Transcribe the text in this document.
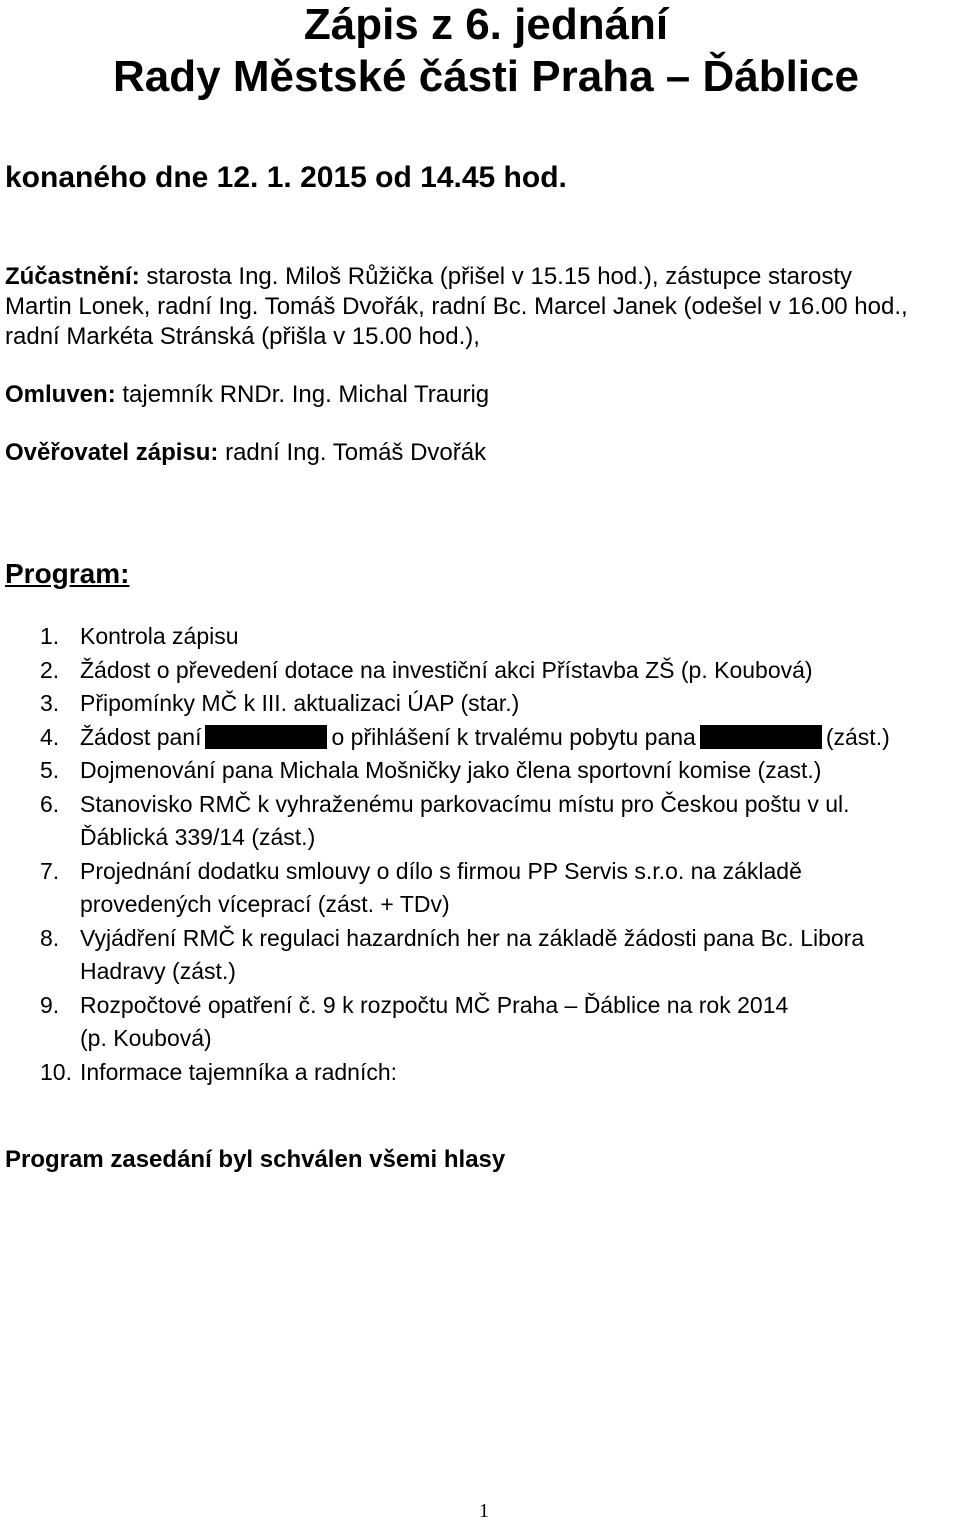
Zápis z 6. jednání
Rady Městské části Praha – Ďáblice
konaného dne 12. 1. 2015 od 14.45 hod.
Zúčastnění: starosta Ing. Miloš Růžička (přišel v 15.15 hod.), zástupce starosty
Martin Lonek, radní Ing. Tomáš Dvořák, radní Bc. Marcel Janek (odešel v 16.00 hod.,
radní Markéta Stránská (přišla v 15.00 hod.),
Omluven: tajemník RNDr. Ing. Michal Traurig
Ověřovatel zápisu: radní Ing. Tomáš Dvořák
Program:
1. Kontrola zápisu
2. Žádost o převedení dotace na investiční akci Přístavba ZŠ (p. Koubová)
3. Připomínky MČ k III. aktualizaci ÚAP (star.)
4. Žádost paní	o přihlášení k trvalému pobytu pana	(zást.)
5. Dojmenování pana Michala Mošničky jako člena sportovní komise (zast.)
6. Stanovisko RMČ k vyhraženému parkovacímu místu pro Českou poštu v ul.
Ďáblická 339/14 (zást.)
7. Projednání dodatku smlouvy o dílo s firmou PP Servis s.r.o. na základě
provedených víceprací (zást. + TDv)
8. Vyjádření RMČ k regulaci hazardních her na základě žádosti pana Bc. Libora
Hadravy (zást.)
9. Rozpočtové opatření č. 9 k rozpočtu MČ Praha – Ďáblice na rok 2014
(p. Koubová)
10. Informace tajemníka a radních:
Program zasedání byl schválen všemi hlasy
1
